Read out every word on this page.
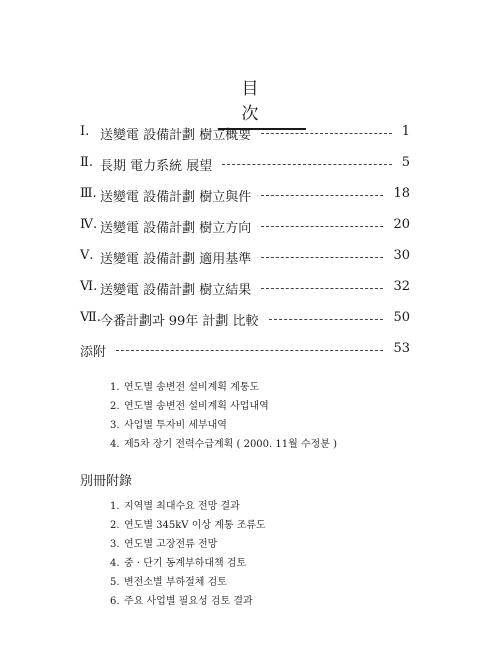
目 次
Ⅰ. 送變電 設備計劃 樹立概要	1
Ⅱ. 長期 電力系統 展望	5
Ⅲ. 送變電 設備計劃 樹立與件	18
Ⅳ. 送變電 設備計劃 樹立方向	20
Ⅴ. 送變電 設備計劃 適用基準	30
Ⅵ. 送變電 設備計劃 樹立結果	32
Ⅶ. 今番計劃과 99年 計劃 比較	50
添附	53
1. 연도별 송변전 설비계획 계통도
2. 연도별 송변전 설비계획 사업내역
3. 사업별 투자비 세부내역
4. 제5차 장기 전력수급계획 ( 2000. 11월 수정분 )
別冊附錄
1. 지역별 최대수요 전망 결과
2. 연도별 345kV 이상 계통 조류도
3. 연도별 고장전류 전망
4. 중 · 단기 동계부하대책 검토
5. 변전소별 부하절체 검토
6. 주요 사업별 필요성 검토 결과
